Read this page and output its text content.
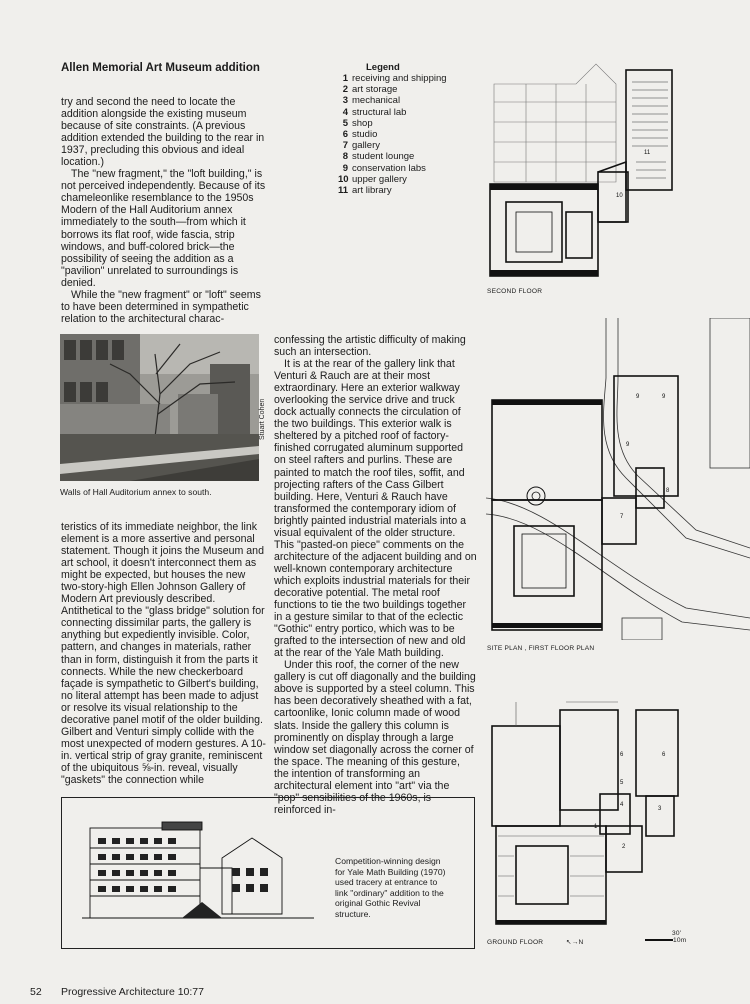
Allen Memorial Art Museum addition

try and second the need to locate the addition alongside the existing museum because of site constraints. (A previous addition extended the building to the rear in 1937, precluding this obvious and ideal location.)

The "new fragment," the "loft building," is not perceived independently. Because of its chameleonlike resemblance to the 1950s Modern of the Hall Auditorium annex immediately to the south—from which it borrows its flat roof, wide fascia, strip windows, and buff-colored brick—the possibility of seeing the addition as a "pavilion" unrelated to surroundings is denied.

While the "new fragment" or "loft" seems to have been determined in sympathetic relation to the architectural charac-

Legend
1 receiving and shipping
2 art storage
3 mechanical
4 structural lab
5 shop
6 studio
7 gallery
8 student lounge
9 conservation labs
10 upper gallery
11 art library
Stuart Cohen
Walls of Hall Auditorium annex to south.

teristics of its immediate neighbor, the link element is a more assertive and personal statement. Though it joins the Museum and art school, it doesn't interconnect them as might be expected, but houses the new two-story-high Ellen Johnson Gallery of Modern Art previously described. Antithetical to the "glass bridge" solution for connecting dissimilar parts, the gallery is anything but expediently invisible. Color, pattern, and changes in materials, rather than in form, distinguish it from the parts it connects. While the new checkerboard façade is sympathetic to Gilbert's building, no literal attempt has been made to adjust or resolve its visual relationship to the decorative panel motif of the older building. Gilbert and Venturi simply collide with the most unexpected of modern gestures. A 10-in. vertical strip of gray granite, reminiscent of the ubiquitous ⅝-in. reveal, visually "gaskets" the connection while

confessing the artistic difficulty of making such an intersection.

It is at the rear of the gallery link that Venturi & Rauch are at their most extraordinary. Here an exterior walkway overlooking the service drive and truck dock actually connects the circulation of the two buildings. This exterior walk is sheltered by a pitched roof of factory-finished corrugated aluminum supported on steel rafters and purlins. These are painted to match the roof tiles, soffit, and projecting rafters of the Cass Gilbert building. Here, Venturi & Rauch have transformed the contemporary idiom of brightly painted industrial materials into a visual equivalent of the older structure. This "pasted-on piece" comments on the architecture of the adjacent building and on well-known contemporary architecture which exploits industrial materials for their decorative potential. The metal roof functions to tie the two buildings together in a gesture similar to that of the eclectic "Gothic" entry portico, which was to be grafted to the intersection of new and old at the rear of the Yale Math building.

Under this roof, the corner of the new gallery is cut off diagonally and the building above is supported by a steel column. This has been decoratively sheathed with a fat, cartoonlike, Ionic column made of wood slats. Inside the gallery this column is prominently on display through a large window set diagonally across the corner of the space. The meaning of this gesture, the intention of transforming an architectural element into "art" via the "pop" sensibilities of the 1960s, is reinforced in-

10
11
SECOND FLOOR
9	9
9
7
8
SITE PLAN , FIRST FLOOR PLAN
6	6
5
4
3
1
2
GROUND FLOOR	↖→N
30'
10m
Competition-winning design for Yale Math Building (1970) used tracery at entrance to link "ordinary" addition to the original Gothic Revival structure.
52 Progressive Architecture 10:77
